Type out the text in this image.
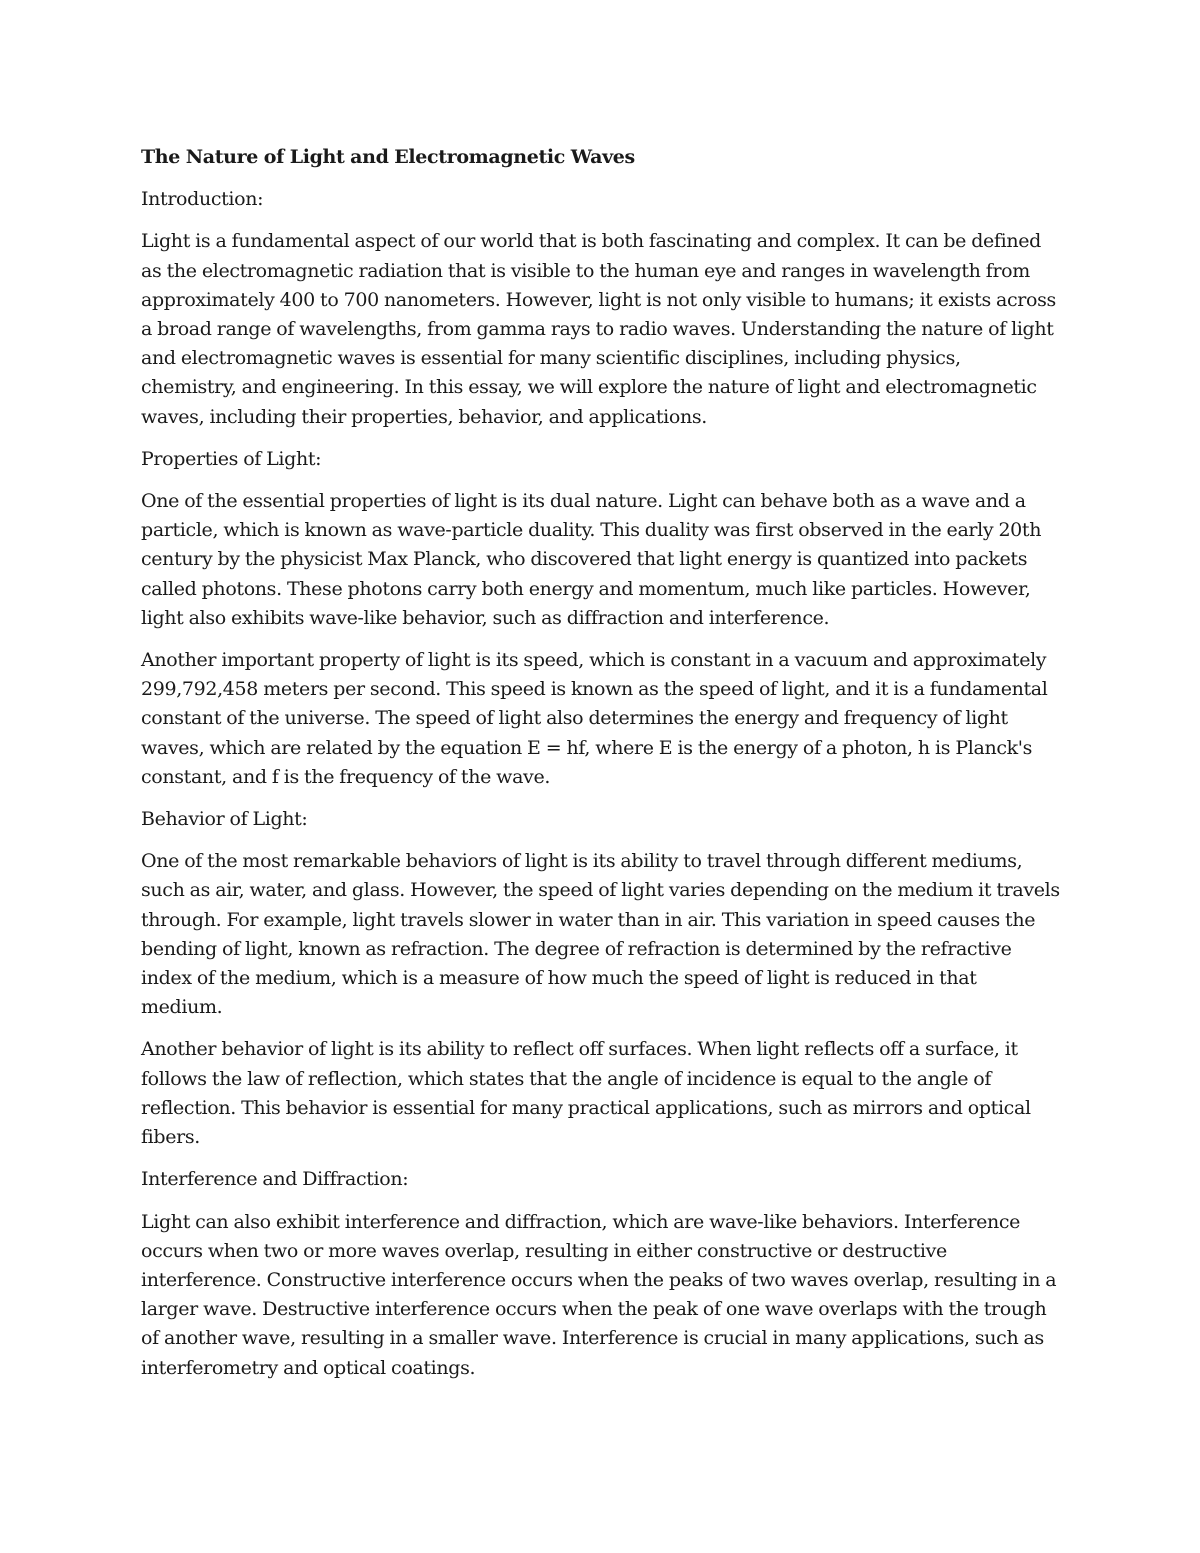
The Nature of Light and Electromagnetic Waves

Introduction:

Light is a fundamental aspect of our world that is both fascinating and complex. It can be defined as the electromagnetic radiation that is visible to the human eye and ranges in wavelength from approximately 400 to 700 nanometers. However, light is not only visible to humans; it exists across a broad range of wavelengths, from gamma rays to radio waves. Understanding the nature of light and electromagnetic waves is essential for many scientific disciplines, including physics, chemistry, and engineering. In this essay, we will explore the nature of light and electromagnetic waves, including their properties, behavior, and applications.

Properties of Light:

One of the essential properties of light is its dual nature. Light can behave both as a wave and a particle, which is known as wave-particle duality. This duality was first observed in the early 20th century by the physicist Max Planck, who discovered that light energy is quantized into packets called photons. These photons carry both energy and momentum, much like particles. However, light also exhibits wave-like behavior, such as diffraction and interference.

Another important property of light is its speed, which is constant in a vacuum and approximately 299,792,458 meters per second. This speed is known as the speed of light, and it is a fundamental constant of the universe. The speed of light also determines the energy and frequency of light waves, which are related by the equation E = hf, where E is the energy of a photon, h is Planck's constant, and f is the frequency of the wave.

Behavior of Light:

One of the most remarkable behaviors of light is its ability to travel through different mediums, such as air, water, and glass. However, the speed of light varies depending on the medium it travels through. For example, light travels slower in water than in air. This variation in speed causes the bending of light, known as refraction. The degree of refraction is determined by the refractive index of the medium, which is a measure of how much the speed of light is reduced in that medium.

Another behavior of light is its ability to reflect off surfaces. When light reflects off a surface, it follows the law of reflection, which states that the angle of incidence is equal to the angle of reflection. This behavior is essential for many practical applications, such as mirrors and optical fibers.

Interference and Diffraction:

Light can also exhibit interference and diffraction, which are wave-like behaviors. Interference occurs when two or more waves overlap, resulting in either constructive or destructive interference. Constructive interference occurs when the peaks of two waves overlap, resulting in a larger wave. Destructive interference occurs when the peak of one wave overlaps with the trough of another wave, resulting in a smaller wave. Interference is crucial in many applications, such as interferometry and optical coatings.
